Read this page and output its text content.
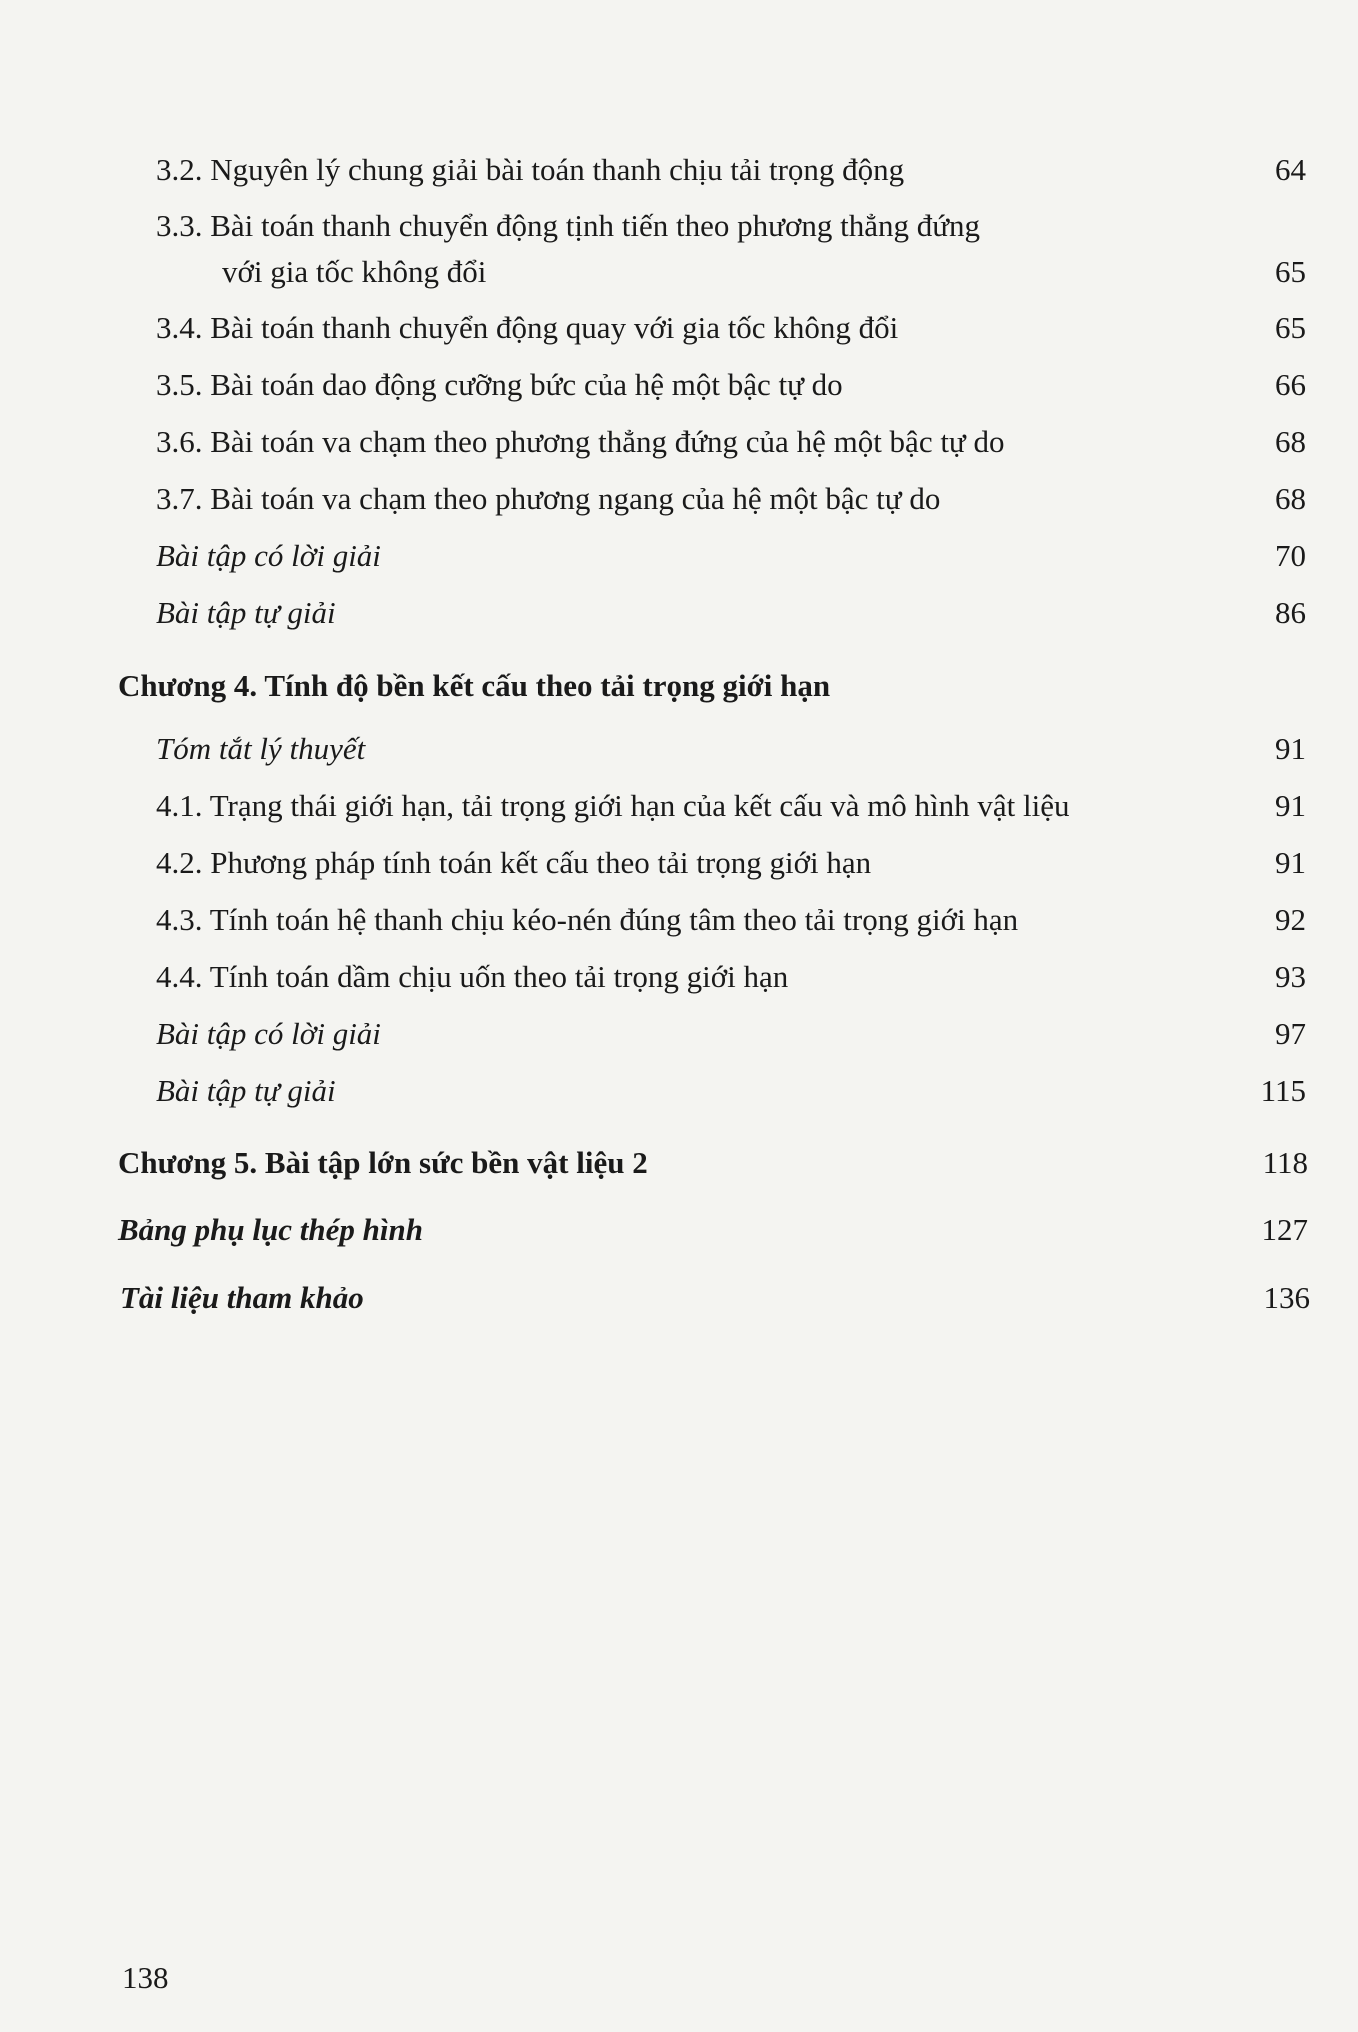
3.2. Nguyên lý chung giải bài toán thanh chịu tải trọng động	64
3.3. Bài toán thanh chuyển động tịnh tiến theo phương thẳng đứng
với gia tốc không đổi	65
3.4. Bài toán thanh chuyển động quay với gia tốc không đổi	65
3.5. Bài toán dao động cưỡng bức của hệ một bậc tự do	66
3.6. Bài toán va chạm theo phương thẳng đứng của hệ một bậc tự do	68
3.7. Bài toán va chạm theo phương ngang của hệ một bậc tự do	68
Bài tập có lời giải	70
Bài tập tự giải	86
Chương 4. Tính độ bền kết cấu theo tải trọng giới hạn
Tóm tắt lý thuyết	91
4.1. Trạng thái giới hạn, tải trọng giới hạn của kết cấu và mô hình vật liệu	91
4.2. Phương pháp tính toán kết cấu theo tải trọng giới hạn	91
4.3. Tính toán hệ thanh chịu kéo-nén đúng tâm theo tải trọng giới hạn	92
4.4. Tính toán dầm chịu uốn theo tải trọng giới hạn	93
Bài tập có lời giải	97
Bài tập tự giải	115
Chương 5. Bài tập lớn sức bền vật liệu 2	118
Bảng phụ lục thép hình	127
Tài liệu tham khảo	136
138
